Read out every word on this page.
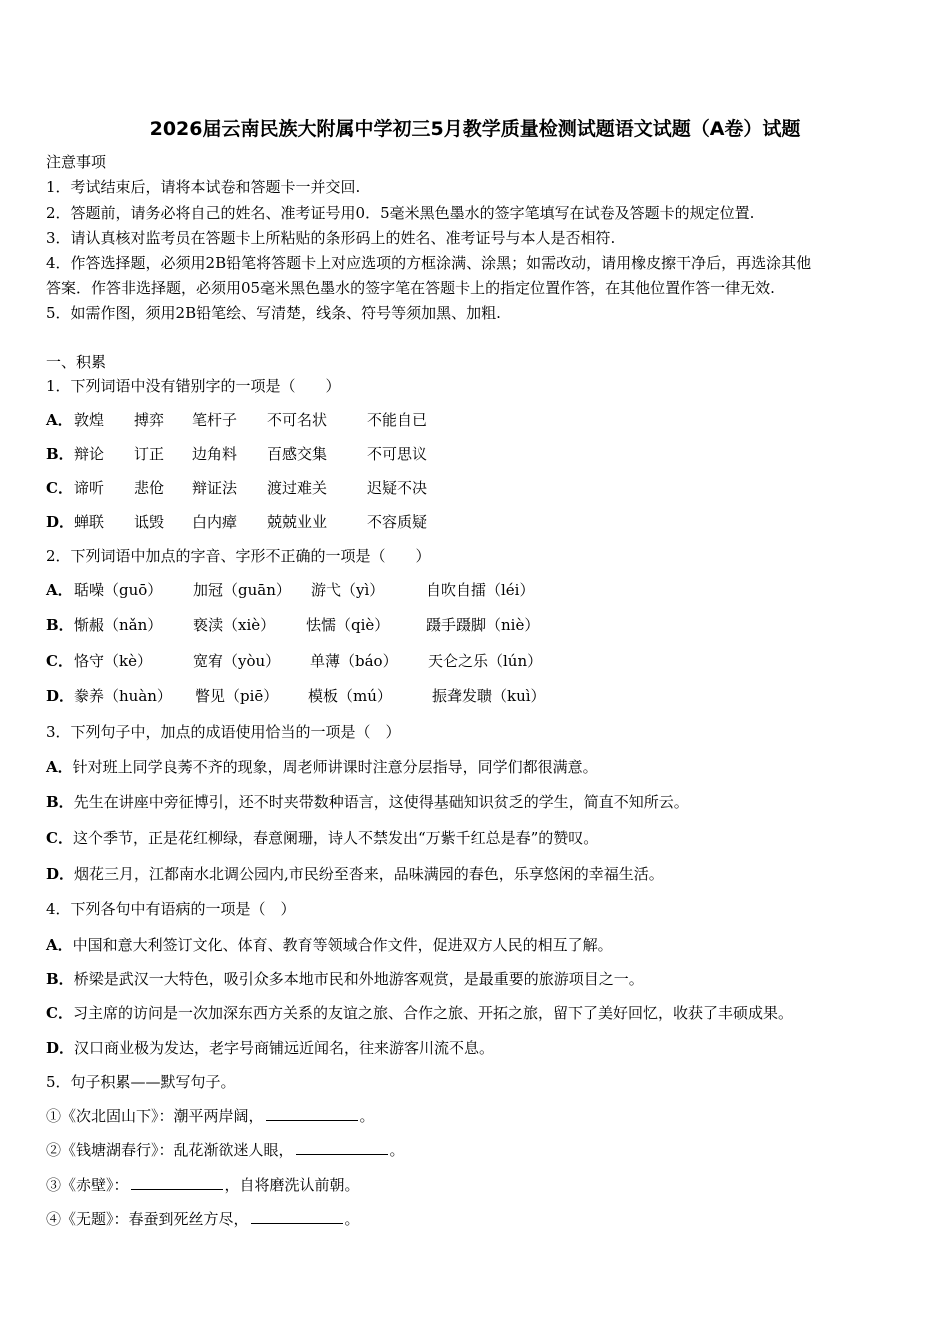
2026届云南民族大附属中学初三5月教学质量检测试题语文试题（A卷）试题
注意事项
1．考试结束后，请将本试卷和答题卡一并交回.
2．答题前，请务必将自己的姓名、准考证号用0．5毫米黑色墨水的签字笔填写在试卷及答题卡的规定位置.
3．请认真核对监考员在答题卡上所粘贴的条形码上的姓名、准考证号与本人是否相符.
4．作答选择题，必须用2B铅笔将答题卡上对应选项的方框涂满、涂黑；如需改动，请用橡皮擦干净后，再选涂其他
答案．作答非选择题，必须用05毫米黑色墨水的签字笔在答题卡上的指定位置作答，在其他位置作答一律无效.
5．如需作图，须用2B铅笔绘、写清楚，线条、符号等须加黑、加粗.
一、积累
1．下列词语中没有错别字的一项是（　　）
A． 敦煌 搏弈 笔杆子 不可名状	不能自已
B． 辩论 订正 边角料 百感交集	不可思议
C． 谛听 悲伧 辩证法 渡过难关	迟疑不决
D． 蝉联 诋毁 白内瘴 兢兢业业	不容质疑
2．下列词语中加点的字音、字形不正确的一项是（　　）
A． 聒噪（guō） 加冠（guān） 游弋（yì）	自吹自擂（léi）
B． 惭赧（nǎn） 亵渎（xiè） 怯懦（qiè） 蹑手蹑脚（niè）
C． 恪守（kè）	宽宥（yòu） 单薄（báo） 天仑之乐（lún）
D． 豢养（huàn） 瞥见（piē） 模板（mú）	振聋发聩（kuì）
3．下列句子中，加点的成语使用恰当的一项是（　）
A．针对班上同学良莠不齐的现象，周老师讲课时注意分层指导，同学们都很满意。
B．先生在讲座中旁征博引，还不时夹带数种语言，这使得基础知识贫乏的学生，简直不知所云。
C．这个季节，正是花红柳绿，春意阑珊，诗人不禁发出“万紫千红总是春”的赞叹。
D．烟花三月，江都南水北调公园内,市民纷至沓来，品味满园的春色，乐享悠闲的幸福生活。
4．下列各句中有语病的一项是（　）
A．中国和意大利签订文化、体育、教育等领域合作文件，促进双方人民的相互了解。
B．桥梁是武汉一大特色，吸引众多本地市民和外地游客观赏，是最重要的旅游项目之一。
C．习主席的访问是一次加深东西方关系的友谊之旅、合作之旅、开拓之旅，留下了美好回忆，收获了丰硕成果。
D．汉口商业极为发达，老字号商铺远近闻名，往来游客川流不息。
5．句子积累——默写句子。
①《次北固山下》：潮平两岸阔，	。
②《钱塘湖春行》：乱花渐欲迷人眼，	。
③《赤壁》：	，自将磨洗认前朝。
④《无题》：春蚕到死丝方尽，	。
